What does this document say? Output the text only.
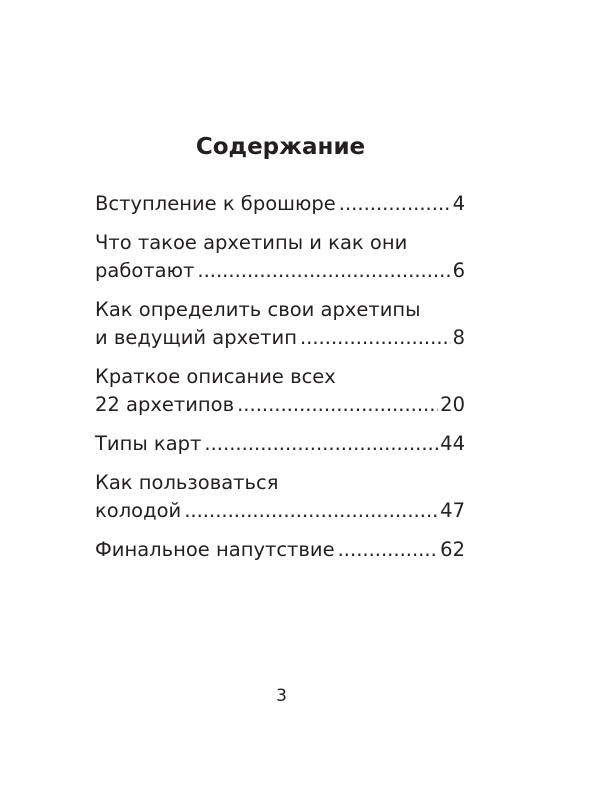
Содержание
Вступление к брошюре .....	4
Что такое архетипы и как они
работают .....	6
Как определить свои архетипы
и ведущий архетип .....	8
Краткое описание всех
22 архетипов .....	20
Типы карт .....	44
Как пользоваться
колодой .....	47
Финальное напутствие .....	62
3
